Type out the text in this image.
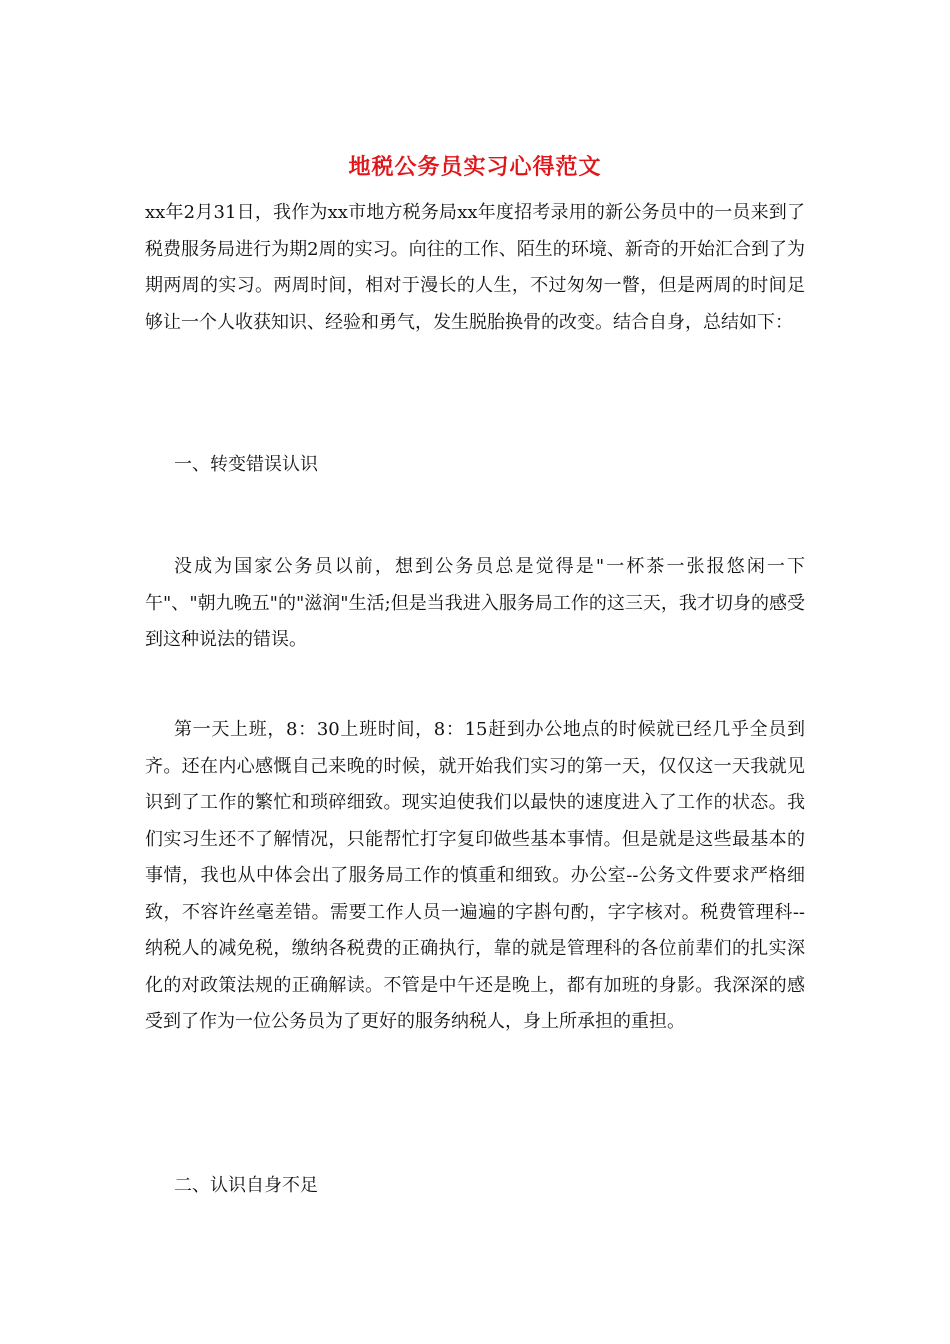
地税公务员实习心得范文

xx年2月31日，我作为xx市地方税务局xx年度招考录用的新公务员中的一员来到了税费服务局进行为期2周的实习。向往的工作、陌生的环境、新奇的开始汇合到了为期两周的实习。两周时间，相对于漫长的人生，不过匆匆一瞥，但是两周的时间足够让一个人收获知识、经验和勇气，发生脱胎换骨的改变。结合自身，总结如下：

一、转变错误认识

没成为国家公务员以前，想到公务员总是觉得是"一杯茶一张报悠闲一下午"、"朝九晚五"的"滋润"生活;但是当我进入服务局工作的这三天，我才切身的感受到这种说法的错误。

第一天上班，8：30上班时间，8：15赶到办公地点的时候就已经几乎全员到齐。还在内心感慨自己来晚的时候，就开始我们实习的第一天，仅仅这一天我就见识到了工作的繁忙和琐碎细致。现实迫使我们以最快的速度进入了工作的状态。我们实习生还不了解情况，只能帮忙打字复印做些基本事情。但是就是这些最基本的事情，我也从中体会出了服务局工作的慎重和细致。办公室--公务文件要求严格细致，不容许丝毫差错。需要工作人员一遍遍的字斟句酌，字字核对。税费管理科--纳税人的减免税，缴纳各税费的正确执行，靠的就是管理科的各位前辈们的扎实深化的对政策法规的正确解读。不管是中午还是晚上，都有加班的身影。我深深的感受到了作为一位公务员为了更好的服务纳税人，身上所承担的重担。

二、认识自身不足
